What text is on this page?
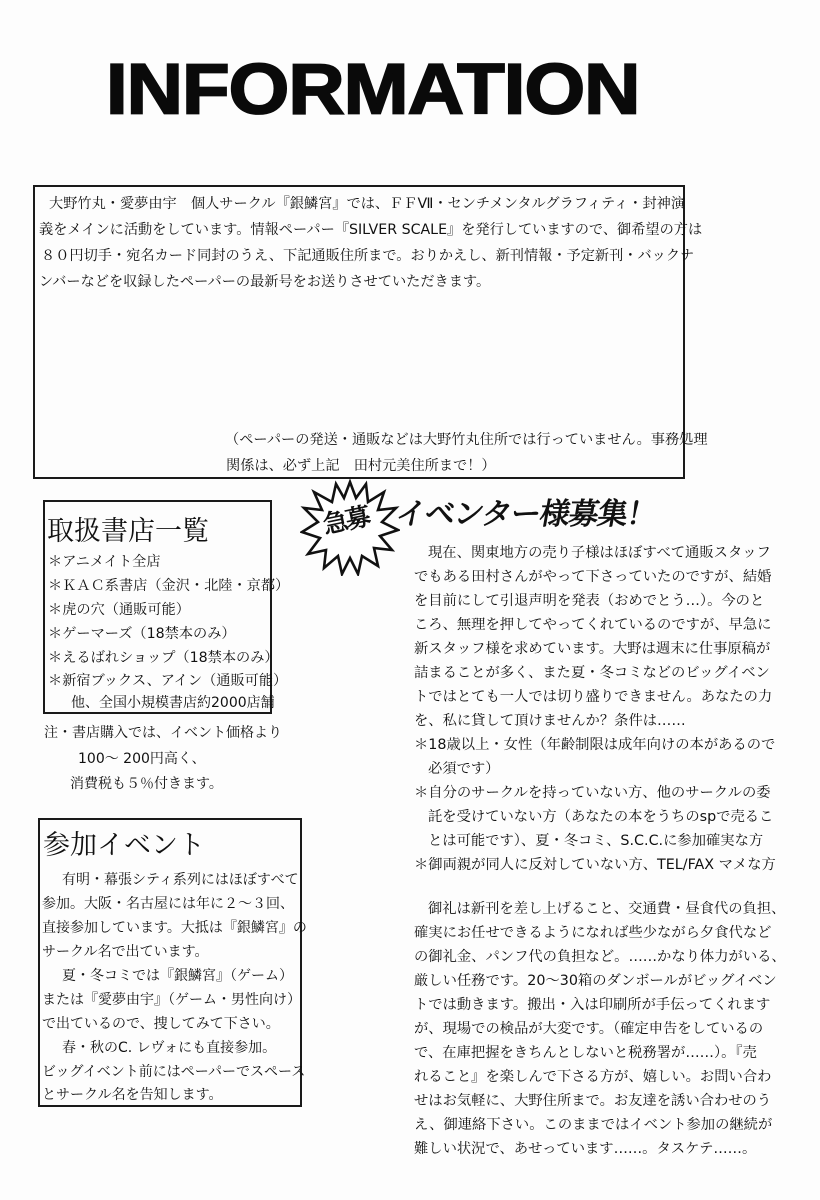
INFORMATION

大野竹丸・愛夢由宇　個人サークル『銀鱗宮』では、ＦＦⅦ・センチメンタルグラフィティ・封神演

義をメインに活動をしています。情報ペーパー『SILVER SCALE』を発行していますので、御希望の方は

８０円切手・宛名カード同封のうえ、下記通販住所まで。おりかえし、新刊情報・予定新刊・バックナ

ンバーなどを収録したペーパーの最新号をお送りさせていただきます。

（ペーパーの発送・通販などは大野竹丸住所では行っていません。事務処理

関係は、必ず上記　田村元美住所まで！）

取扱書店一覧
＊アニメイト全店
＊ＫＡＣ系書店（金沢・北陸・京都）
＊虎の穴（通販可能）
＊ゲーマーズ（18禁本のみ）
＊えるばれショップ（18禁本のみ）
＊新宿ブックス、アイン（通販可能）
他、全国小規模書店約2000店舗
注・書店購入では、イベント価格より
100～ 200円高く、
消費税も５％付きます。
参加イベント
有明・幕張シティ系列にはほぼすべて
参加。大阪・名古屋には年に２～３回、
直接参加しています。大抵は『銀鱗宮』の
サークル名で出ています。
夏・冬コミでは『銀鱗宮』（ゲーム）
または『愛夢由宇』（ゲーム・男性向け）
で出ているので、捜してみて下さい。
春・秋のC. レヴォにも直接参加。
ビッグイベント前にはペーパーでスペース
とサークル名を告知します。
急募 イベンター様募集！
現在、関東地方の売り子様はほぼすべて通販スタッフ
でもある田村さんがやって下さっていたのですが、結婚
を目前にして引退声明を発表（おめでとう…）。今のと
ころ、無理を押してやってくれているのですが、早急に
新スタッフ様を求めています。大野は週末に仕事原稿が
詰まることが多く、また夏・冬コミなどのビッグイベン
トではとても一人では切り盛りできません。あなたの力
を、私に貸して頂けませんか？条件は……
＊18歳以上・女性（年齢制限は成年向けの本があるので
必須です）
＊自分のサークルを持っていない方、他のサークルの委
託を受けていない方（あなたの本をうちのspで売るこ
とは可能です）、夏・冬コミ、S.C.C.に参加確実な方
＊御両親が同人に反対していない方、TEL/FAX マメな方
御礼は新刊を差し上げること、交通費・昼食代の負担、
確実にお任せできるようになれば些少ながら夕食代など
の御礼金、パンフ代の負担など。……かなり体力がいる、
厳しい任務です。20～30箱のダンボールがビッグイベン
トでは動きます。搬出・入は印刷所が手伝ってくれます
が、現場での検品が大変です。（確定申告をしているの
で、在庫把握をきちんとしないと税務署が……）。『売
れること』を楽しんで下さる方が、嬉しい。お問い合わ
せはお気軽に、大野住所まで。お友達を誘い合わせのう
え、御連絡下さい。このままではイベント参加の継続が
難しい状況で、あせっています……。タスケテ……。
